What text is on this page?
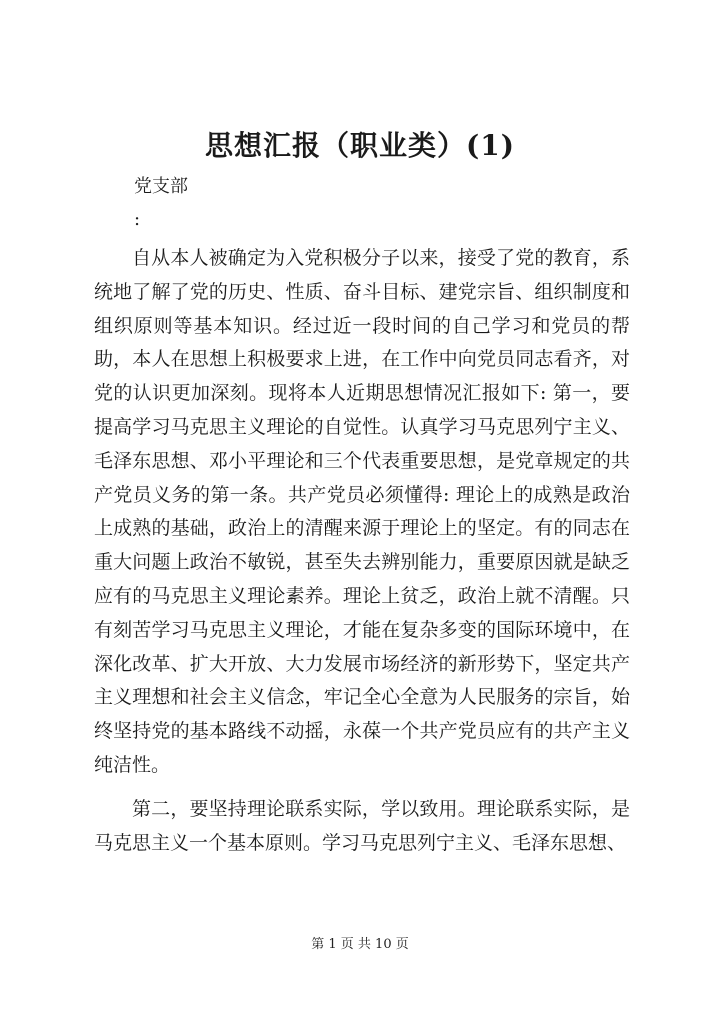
思想汇报（职业类）(1)
党支部
:

自从本人被确定为入党积极分子以来，接受了党的教育，系统地了解了党的历史、性质、奋斗目标、建党宗旨、组织制度和组织原则等基本知识。经过近一段时间的自己学习和党员的帮助，本人在思想上积极要求上进，在工作中向党员同志看齐，对党的认识更加深刻。现将本人近期思想情况汇报如下: 第一，要提高学习马克思主义理论的自觉性。认真学习马克思列宁主义、毛泽东思想、邓小平理论和三个代表重要思想，是党章规定的共产党员义务的第一条。共产党员必须懂得: 理论上的成熟是政治上成熟的基础，政治上的清醒来源于理论上的坚定。有的同志在重大问题上政治不敏锐，甚至失去辨别能力，重要原因就是缺乏应有的马克思主义理论素养。理论上贫乏，政治上就不清醒。只有刻苦学习马克思主义理论，才能在复杂多变的国际环境中，在深化改革、扩大开放、大力发展市场经济的新形势下，坚定共产主义理想和社会主义信念，牢记全心全意为人民服务的宗旨，始终坚持党的基本路线不动摇，永葆一个共产党员应有的共产主义纯洁性。

第二，要坚持理论联系实际，学以致用。理论联系实际，是马克思主义一个基本原则。学习马克思列宁主义、毛泽东思想、

第 1 页 共 10 页
